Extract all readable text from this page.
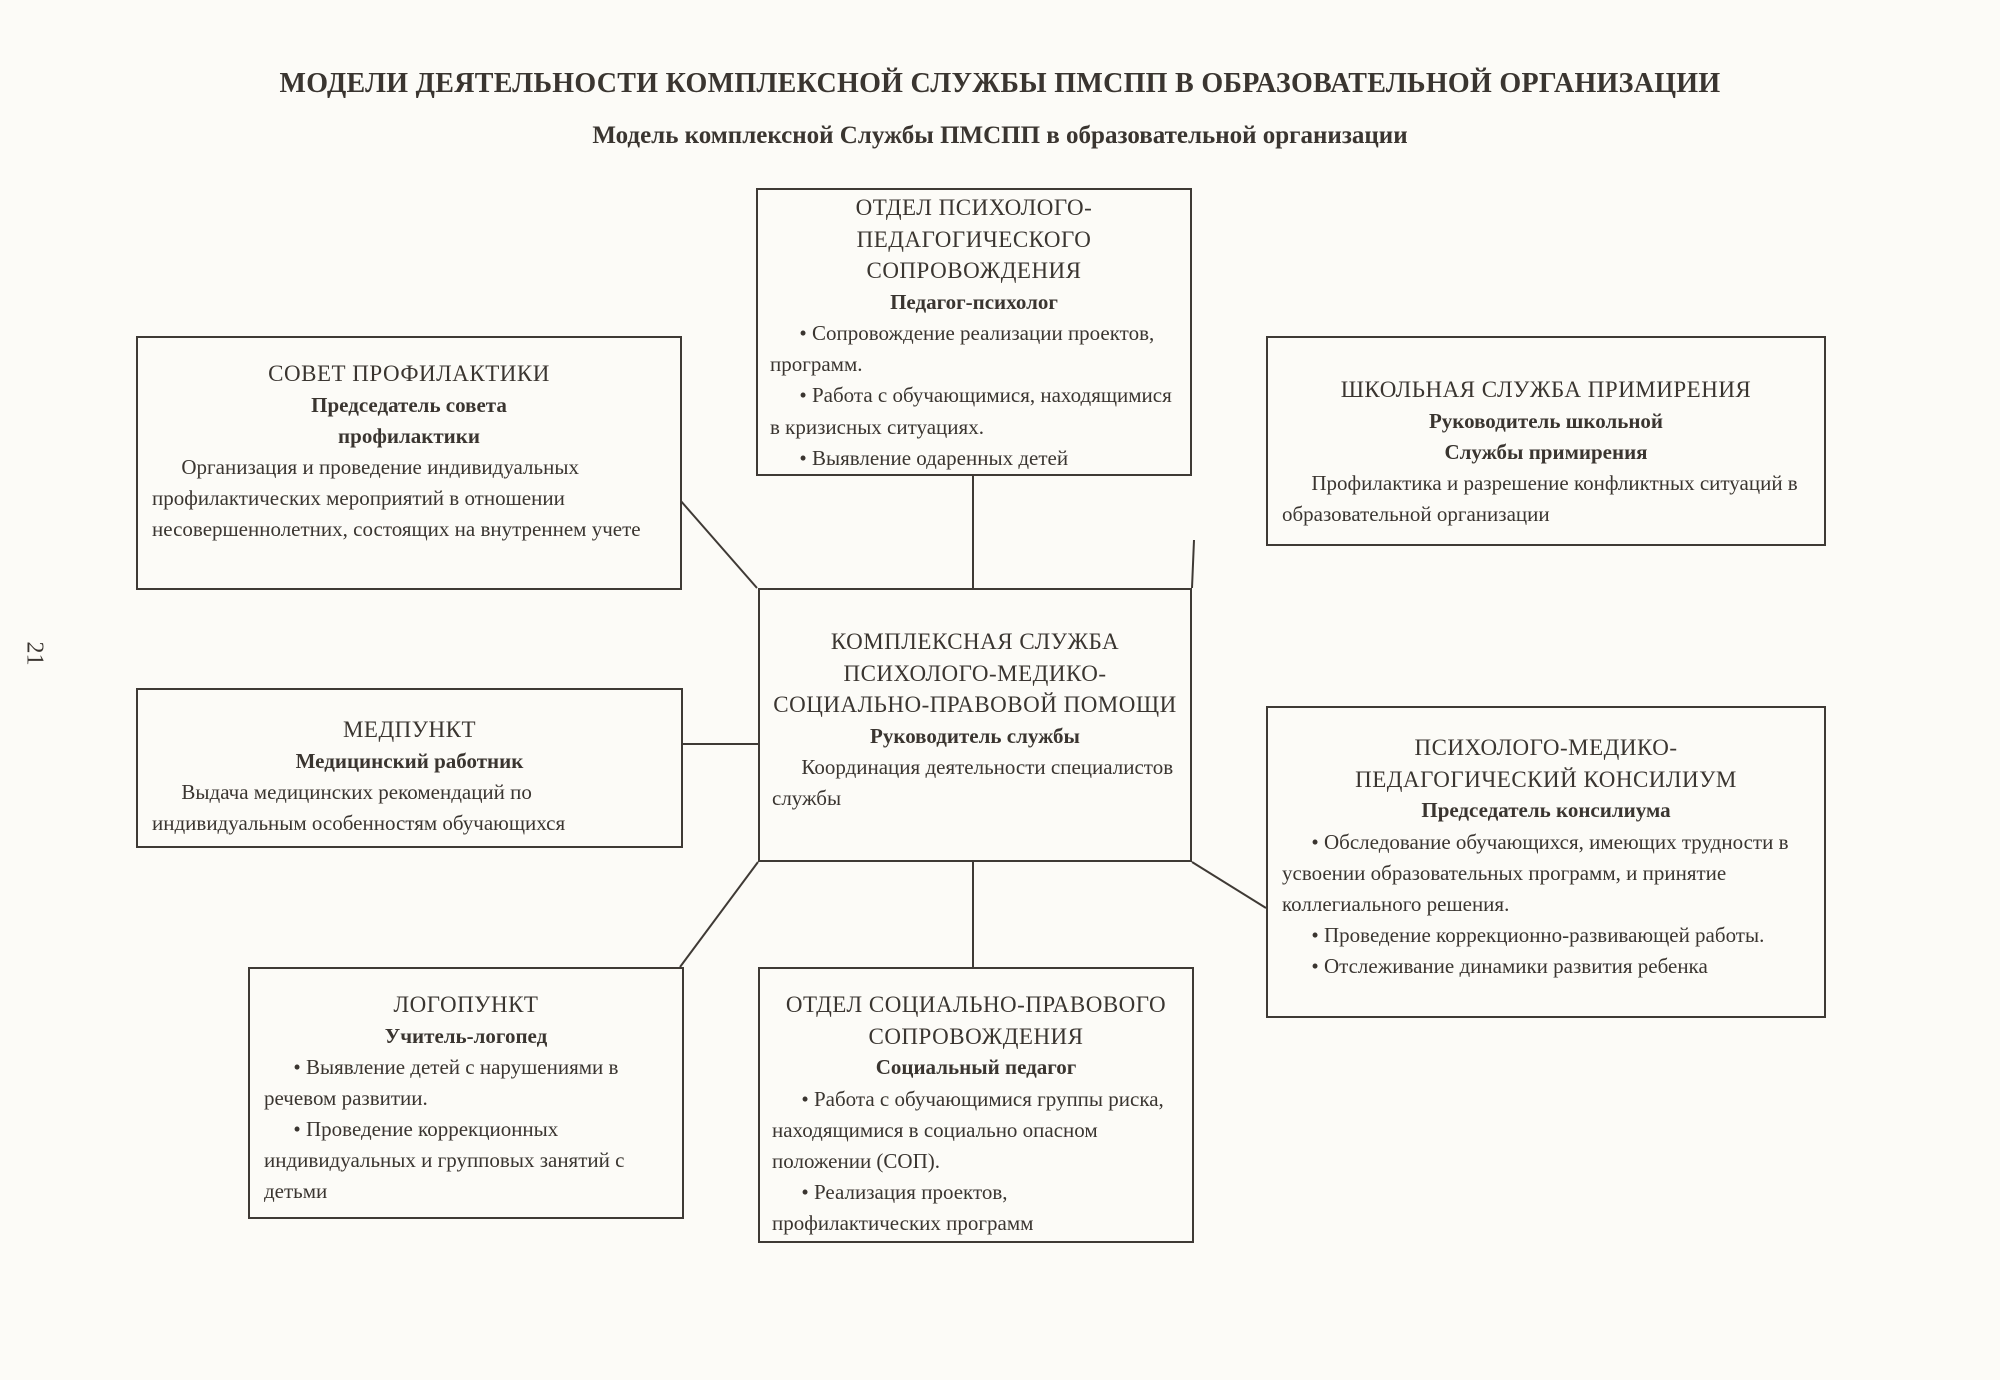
МОДЕЛИ ДЕЯТЕЛЬНОСТИ КОМПЛЕКСНОЙ СЛУЖБЫ ПМСПП В ОБРАЗОВАТЕЛЬНОЙ ОРГАНИЗАЦИИ
Модель комплексной Службы ПМСПП в образовательной организации
21	КОМПЛЕКСНАЯ СЛУЖБА ПСИХОЛОГО-МЕДИКО-СОЦИАЛЬНО-ПРАВОВОЙ ПОМОЩИ
Руководитель службы
Координация деятельности специалистов службы
ОТДЕЛ ПСИХОЛОГО-ПЕДАГОГИЧЕСКОГО СОПРОВОЖДЕНИЯ
Педагог-психолог
• Сопровождение реализации проектов, программ.
• Работа с обучающимися, находящимися в кризисных ситуациях.
• Выявление одаренных детей
СОВЕТ ПРОФИЛАКТИКИ
Председатель совета профилактики
Организация и проведение индивидуальных профилактических мероприятий в отношении несовершеннолетних, состоящих на внутреннем учете
ШКОЛЬНАЯ СЛУЖБА ПРИМИРЕНИЯ
Руководитель школьной Службы примирения
Профилактика и разрешение конфликтных ситуаций в образовательной организации
МЕДПУНКТ
Медицинский работник
Выдача медицинских рекомендаций по индивидуальным особенностям обучающихся
ПСИХОЛОГО-МЕДИКО-ПЕДАГОГИЧЕСКИЙ КОНСИЛИУМ
Председатель консилиума
• Обследование обучающихся, имеющих трудности в усвоении образовательных программ, и принятие коллегиального решения.
• Проведение коррекционно-развивающей работы.
• Отслеживание динамики развития ребенка
ЛОГОПУНКТ
Учитель-логопед
• Выявление детей с нарушениями в речевом развитии.
• Проведение коррекционных индивидуальных и групповых занятий с детьми
ОТДЕЛ СОЦИАЛЬНО-ПРАВОВОГО СОПРОВОЖДЕНИЯ
Социальный педагог
• Работа с обучающимися группы риска, находящимися в социально опасном положении (СОП).
• Реализация проектов, профилактических программ
